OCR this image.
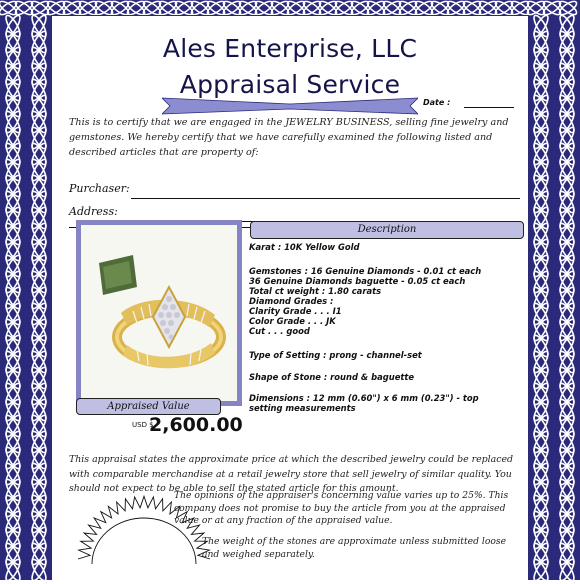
Ales Enterprise, LLC
Appraisal Service
Date :
This is to certify that we are engaged in the JEWELRY BUSINESS, selling fine jewelry and gemstones. We hereby certify that we have carefully examined the following listed and described articles that are property of:
Purchaser:
Address:
Description
Karat : 10K Yellow Gold
Gemstones : 16 Genuine Diamonds - 0.01 ct each
36 Genuine Diamonds baguette - 0.05 ct each
Total ct weight : 1.80 carats
Diamond Grades :
Clarity Grade . . . I1
Color Grade . . . JK
Cut . . . good
Type of Setting : prong - channel-set
Shape of Stone : round & baguette
Dimensions : 12 mm (0.60") x 6 mm (0.23") - top
setting measurements
Appraised Value
USD $
2,600.00
This appraisal states the approximate price at which the described jewelry could be replaced with comparable merchandise at a retail jewelry store that sell jewelry of similar quality. You should not expect to be able to sell the stated article for this amount.
The opinions of the appraiser's concerning value varies up to 25%. This company does not promise to buy the article from you at the appraised value or at any fraction of the appraised value.
The weight of the stones are approximate unless submitted loose and weighed separately.
